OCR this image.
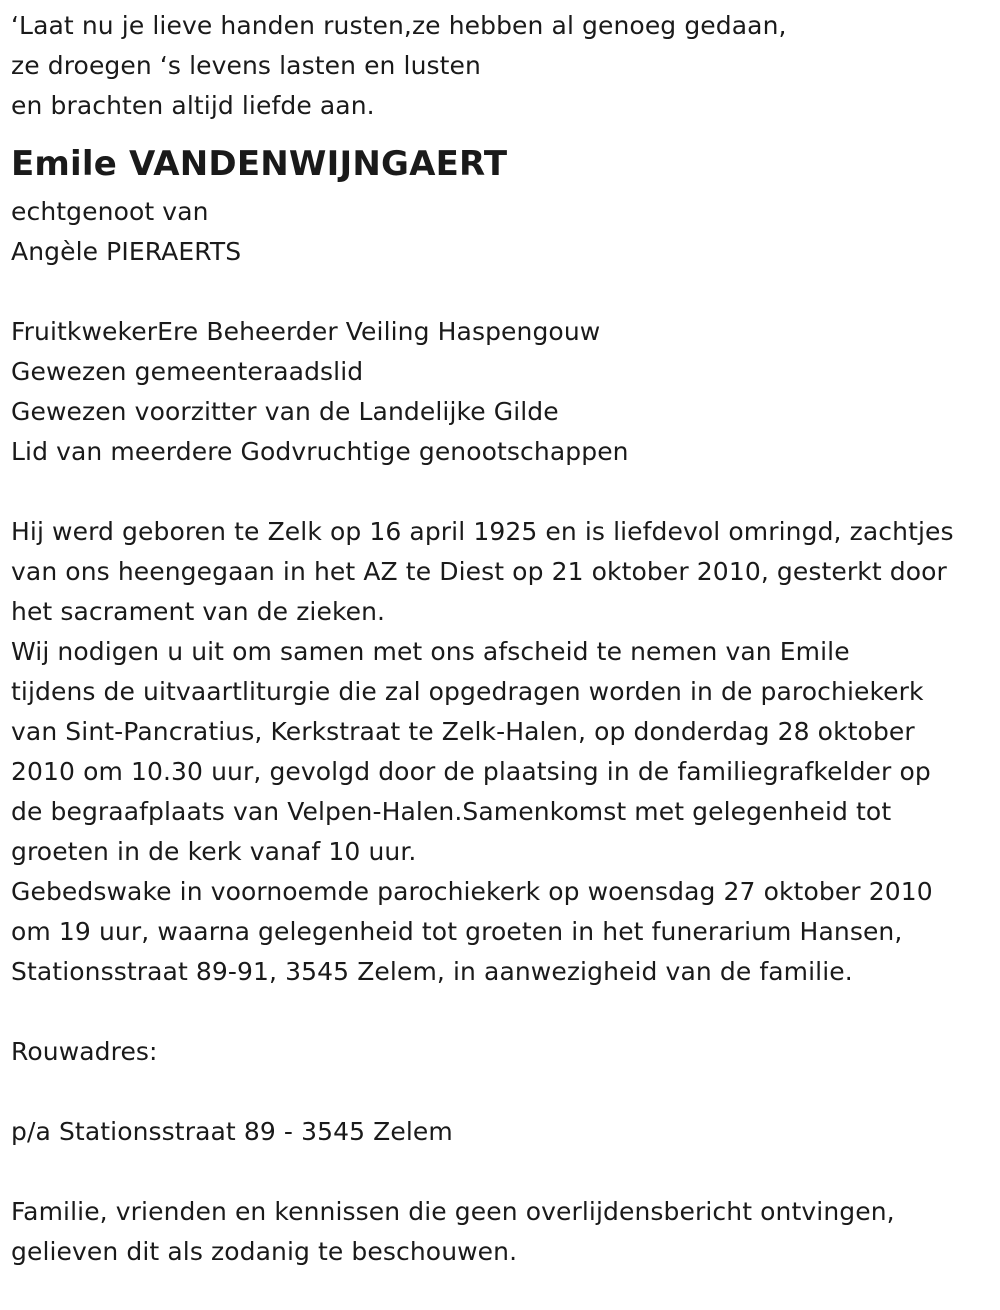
‘Laat nu je lieve handen rusten,ze hebben al genoeg gedaan,
ze droegen ‘s levens lasten en lusten
en brachten altijd liefde aan.
Emile VANDENWIJNGAERT
echtgenoot van
Angèle PIERAERTS
FruitkwekerEre Beheerder Veiling Haspengouw
Gewezen gemeenteraadslid
Gewezen voorzitter van de Landelijke Gilde
Lid van meerdere Godvruchtige genootschappen
Hij werd geboren te Zelk op 16 april 1925 en is liefdevol omringd, zachtjes
van ons heengegaan in het AZ te Diest op 21 oktober 2010, gesterkt door
het sacrament van de zieken.
Wij nodigen u uit om samen met ons afscheid te nemen van Emile
tijdens de uitvaartliturgie die zal opgedragen worden in de parochiekerk
van Sint-Pancratius, Kerkstraat te Zelk-Halen, op donderdag 28 oktober
2010 om 10.30 uur, gevolgd door de plaatsing in de familiegrafkelder op
de begraafplaats van Velpen-Halen.Samenkomst met gelegenheid tot
groeten in de kerk vanaf 10 uur.
Gebedswake in voornoemde parochiekerk op woensdag 27 oktober 2010
om 19 uur, waarna gelegenheid tot groeten in het funerarium Hansen,
Stationsstraat 89-91, 3545 Zelem, in aanwezigheid van de familie.
Rouwadres:
p/a Stationsstraat 89 - 3545 Zelem
Familie, vrienden en kennissen die geen overlijdensbericht ontvingen,
gelieven dit als zodanig te beschouwen.
